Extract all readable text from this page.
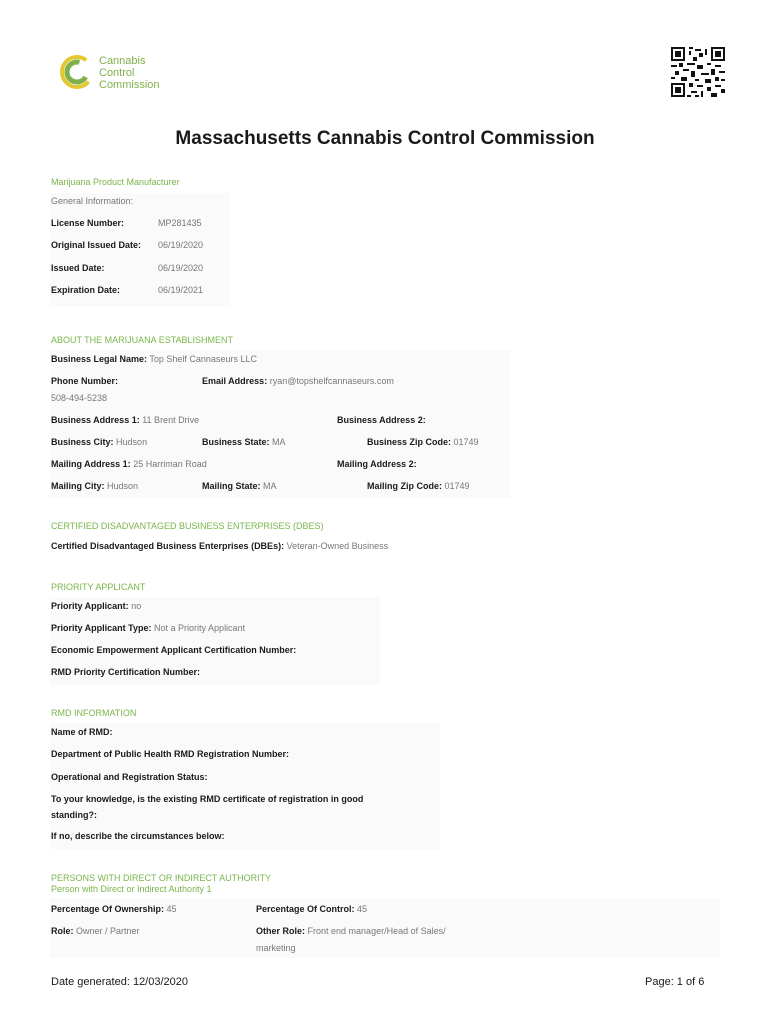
Cannabis
Control
Commission
Massachusetts Cannabis Control Commission
Marijuana Product Manufacturer
General Information:
License Number:	MP281435
Original Issued Date: 06/19/2020
Issued Date:	06/19/2020
Expiration Date:	06/19/2021
ABOUT THE MARIJUANA ESTABLISHMENT
Business Legal Name: Top Shelf Cannaseurs LLC
Phone Number:	Email Address: ryan@topshelfcannaseurs.com
508-494-5238
Business Address 1: 11 Brent Drive	Business Address 2:
Business City: Hudson	Business State: MA	Business Zip Code: 01749
Mailing Address 1: 25 Harriman Road	Mailing Address 2:
Mailing City: Hudson	Mailing State: MA	Mailing Zip Code: 01749
CERTIFIED DISADVANTAGED BUSINESS ENTERPRISES (DBES)
Certified Disadvantaged Business Enterprises (DBEs): Veteran-Owned Business
PRIORITY APPLICANT
Priority Applicant: no
Priority Applicant Type: Not a Priority Applicant
Economic Empowerment Applicant Certification Number:
RMD Priority Certification Number:
RMD INFORMATION
Name of RMD:
Department of Public Health RMD Registration Number:
Operational and Registration Status:
To your knowledge, is the existing RMD certificate of registration in good
standing?:
If no, describe the circumstances below:
PERSONS WITH DIRECT OR INDIRECT AUTHORITY
Person with Direct or Indirect Authority 1
Percentage Of Ownership: 45	Percentage Of Control: 45
Role: Owner / Partner	Other Role: Front end manager/Head of Sales/
marketing
Date generated: 12/03/2020	Page: 1 of 6
